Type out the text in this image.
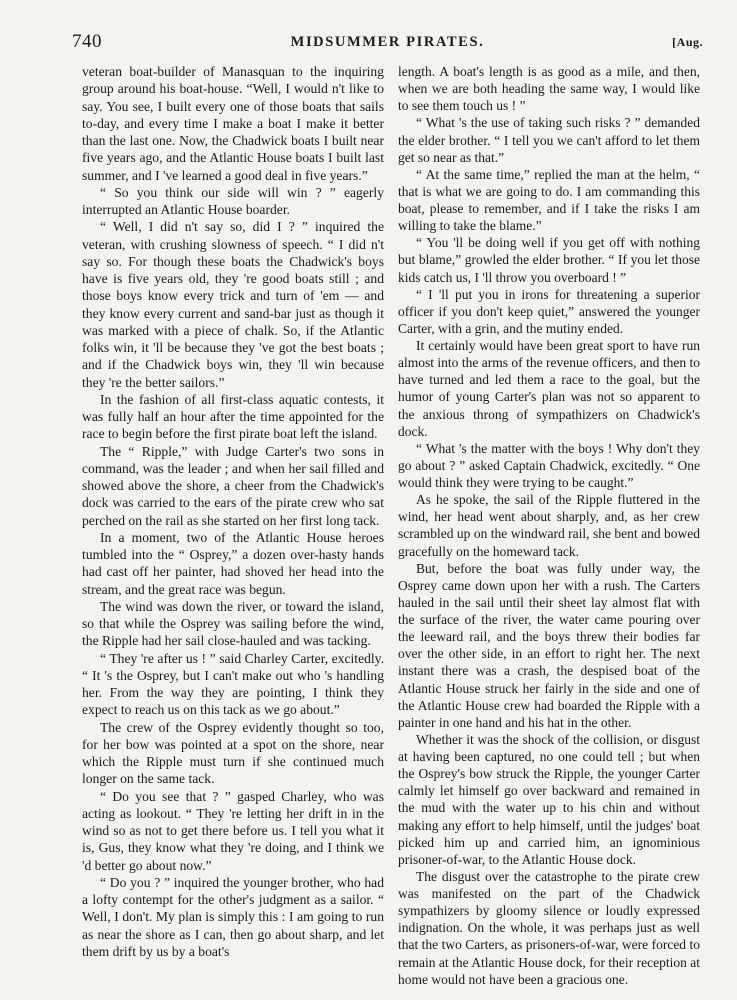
740	MIDSUMMER PIRATES.	[Aug.

veteran boat-builder of Manasquan to the inquiring group around his boat-house. “Well, I would n't like to say. You see, I built every one of those boats that sails to-day, and every time I make a boat I make it better than the last one. Now, the Chadwick boats I built near five years ago, and the Atlantic House boats I built last summer, and I 've learned a good deal in five years.”

“ So you think our side will win ? ” eagerly interrupted an Atlantic House boarder.

“ Well, I did n't say so, did I ? ” inquired the veteran, with crushing slowness of speech. “ I did n't say so. For though these boats the Chadwick's boys have is five years old, they 're good boats still ; and those boys know every trick and turn of 'em — and they know every current and sand-bar just as though it was marked with a piece of chalk. So, if the Atlantic folks win, it 'll be because they 've got the best boats ; and if the Chadwick boys win, they 'll win because they 're the better sailors.”

In the fashion of all first-class aquatic contests, it was fully half an hour after the time appointed for the race to begin before the first pirate boat left the island.

The “ Ripple,” with Judge Carter's two sons in command, was the leader ; and when her sail filled and showed above the shore, a cheer from the Chadwick's dock was carried to the ears of the pirate crew who sat perched on the rail as she started on her first long tack.

In a moment, two of the Atlantic House heroes tumbled into the “ Osprey,” a dozen over-hasty hands had cast off her painter, had shoved her head into the stream, and the great race was begun.

The wind was down the river, or toward the island, so that while the Osprey was sailing before the wind, the Ripple had her sail close-hauled and was tacking.

“ They 're after us ! ” said Charley Carter, excitedly. “ It 's the Osprey, but I can't make out who 's handling her. From the way they are pointing, I think they expect to reach us on this tack as we go about.”

The crew of the Osprey evidently thought so too, for her bow was pointed at a spot on the shore, near which the Ripple must turn if she continued much longer on the same tack.

“ Do you see that ? ” gasped Charley, who was acting as lookout. “ They 're letting her drift in in the wind so as not to get there before us. I tell you what it is, Gus, they know what they 're doing, and I think we 'd better go about now.”

“ Do you ? ” inquired the younger brother, who had a lofty contempt for the other's judgment as a sailor. “ Well, I don't. My plan is simply this : I am going to run as near the shore as I can, then go about sharp, and let them drift by us by a boat's

length. A boat's length is as good as a mile, and then, when we are both heading the same way, I would like to see them touch us ! ”

“ What 's the use of taking such risks ? ” demanded the elder brother. “ I tell you we can't afford to let them get so near as that.”

“ At the same time,” replied the man at the helm, “ that is what we are going to do. I am commanding this boat, please to remember, and if I take the risks I am willing to take the blame.”

“ You 'll be doing well if you get off with nothing but blame,” growled the elder brother. “ If you let those kids catch us, I 'll throw you overboard ! ”

“ I 'll put you in irons for threatening a superior officer if you don't keep quiet,” answered the younger Carter, with a grin, and the mutiny ended.

It certainly would have been great sport to have run almost into the arms of the revenue officers, and then to have turned and led them a race to the goal, but the humor of young Carter's plan was not so apparent to the anxious throng of sympathizers on Chadwick's dock.

“ What 's the matter with the boys ! Why don't they go about ? ” asked Captain Chadwick, excitedly. “ One would think they were trying to be caught.”

As he spoke, the sail of the Ripple fluttered in the wind, her head went about sharply, and, as her crew scrambled up on the windward rail, she bent and bowed gracefully on the homeward tack.

But, before the boat was fully under way, the Osprey came down upon her with a rush. The Carters hauled in the sail until their sheet lay almost flat with the surface of the river, the water came pouring over the leeward rail, and the boys threw their bodies far over the other side, in an effort to right her. The next instant there was a crash, the despised boat of the Atlantic House struck her fairly in the side and one of the Atlantic House crew had boarded the Ripple with a painter in one hand and his hat in the other.

Whether it was the shock of the collision, or disgust at having been captured, no one could tell ; but when the Osprey's bow struck the Ripple, the younger Carter calmly let himself go over backward and remained in the mud with the water up to his chin and without making any effort to help himself, until the judges' boat picked him up and carried him, an ignominious prisoner-of-war, to the Atlantic House dock.

The disgust over the catastrophe to the pirate crew was manifested on the part of the Chadwick sympathizers by gloomy silence or loudly expressed indignation. On the whole, it was perhaps just as well that the two Carters, as prisoners-of-war, were forced to remain at the Atlantic House dock, for their reception at home would not have been a gracious one.
